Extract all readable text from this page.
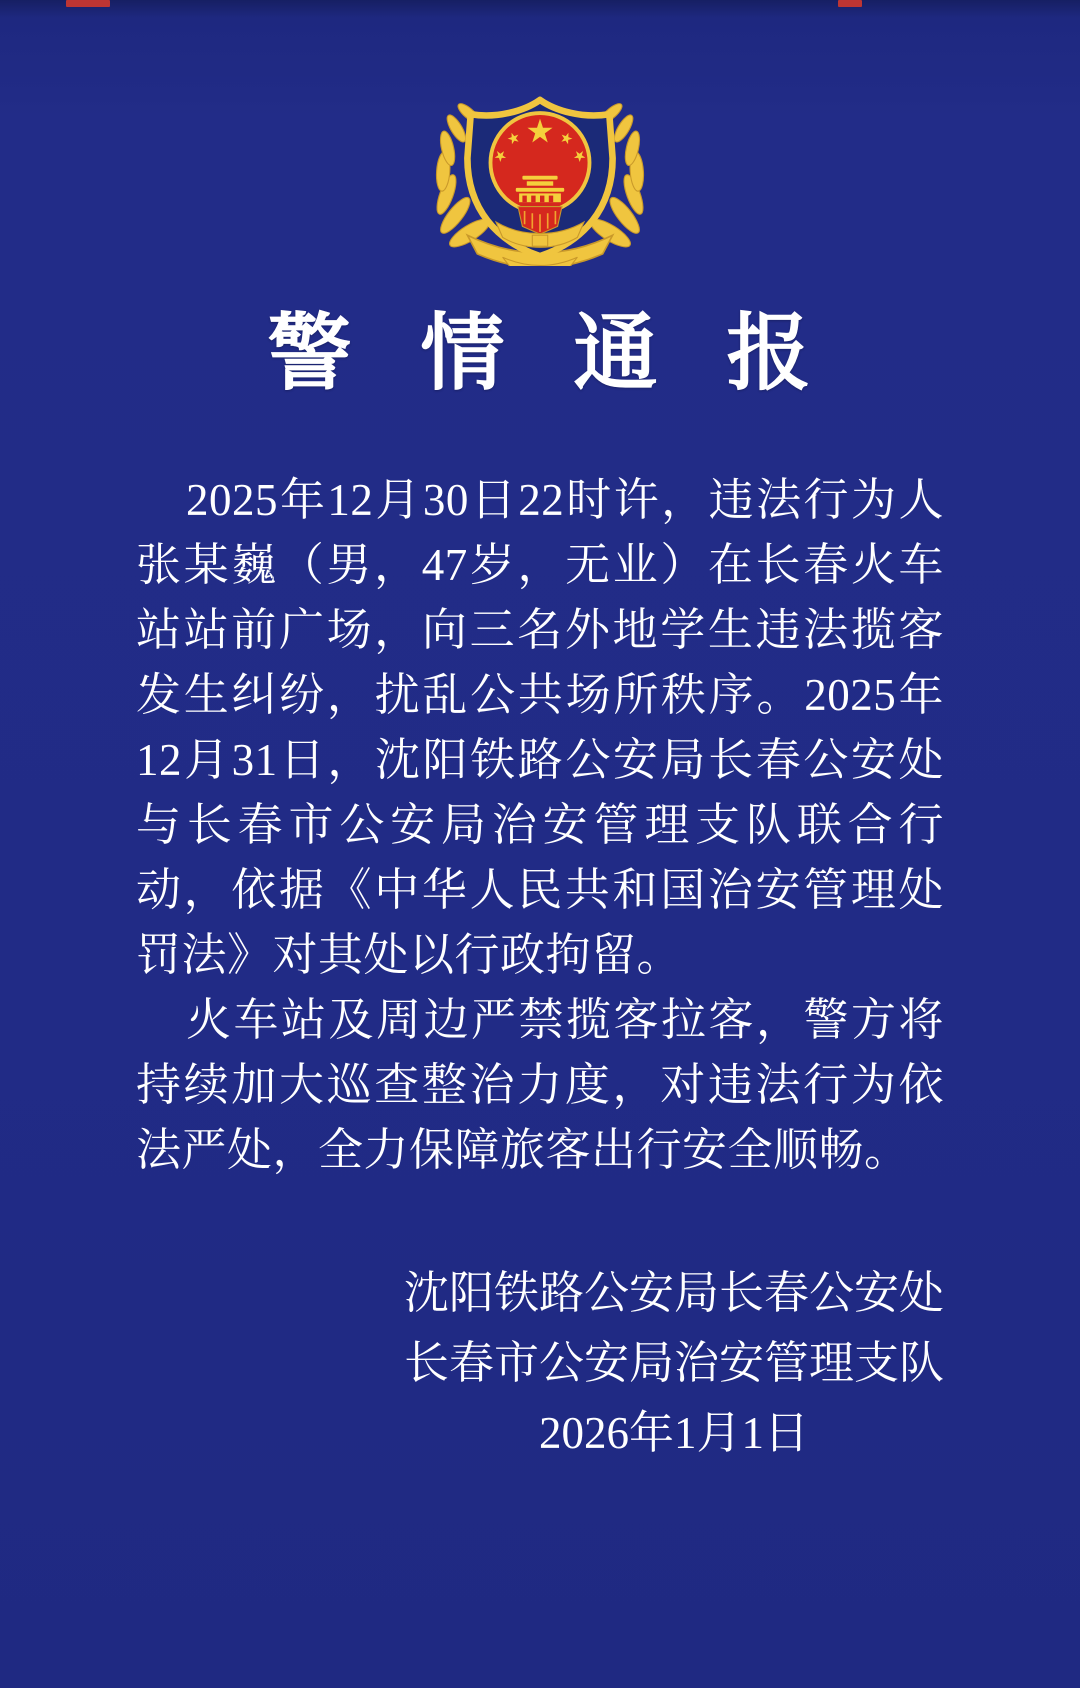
警 情 通 报

2025年12月30日22时许，违法行为人张某巍（男，47岁，无业）在长春火车站站前广场，向三名外地学生违法揽客发生纠纷，扰乱公共场所秩序。2025年12月31日，沈阳铁路公安局长春公安处与长春市公安局治安管理支队联合行动，依据《中华人民共和国治安管理处罚法》对其处以行政拘留。

火车站及周边严禁揽客拉客，警方将持续加大巡查整治力度，对违法行为依法严处，全力保障旅客出行安全顺畅。

沈阳铁路公安局长春公安处
长春市公安局治安管理支队
2026年1月1日
